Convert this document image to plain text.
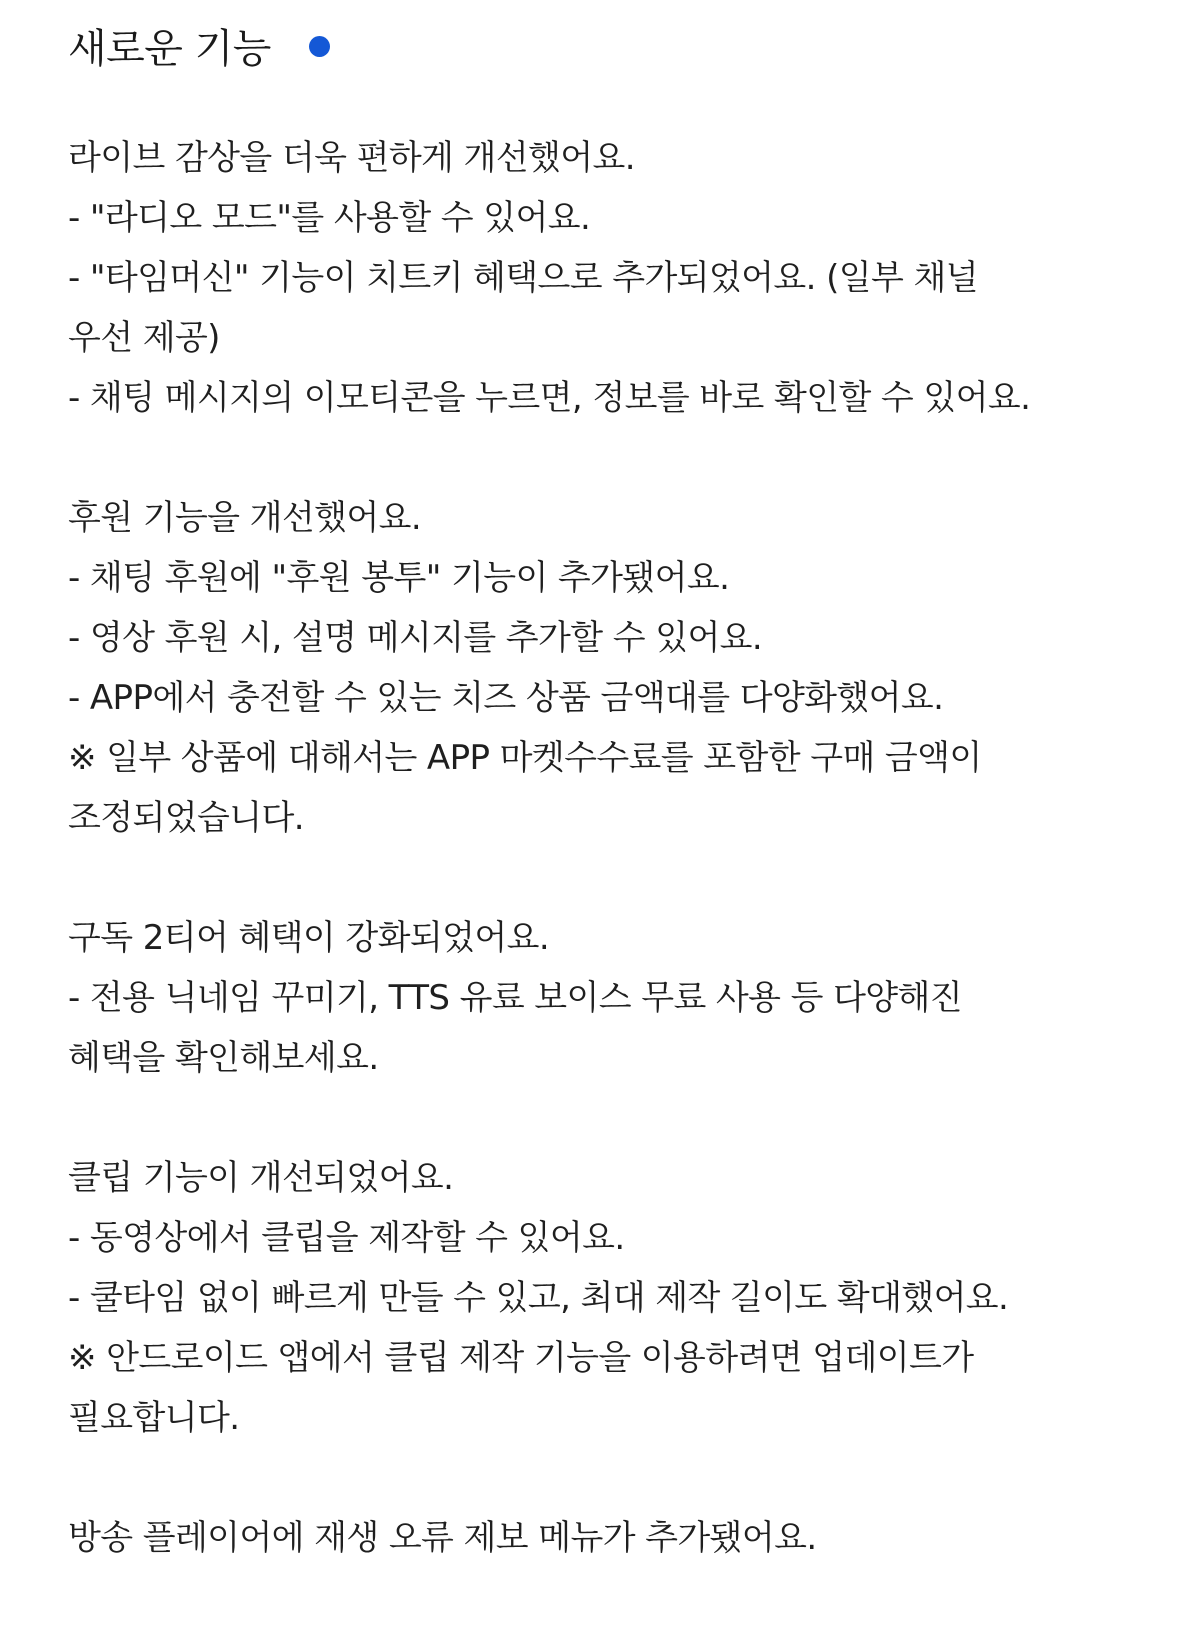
새로운 기능
라이브 감상을 더욱 편하게 개선했어요.
- "라디오 모드"를 사용할 수 있어요.
- "타임머신" 기능이 치트키 혜택으로 추가되었어요. (일부 채널
우선 제공)
- 채팅 메시지의 이모티콘을 누르면, 정보를 바로 확인할 수 있어요.
후원 기능을 개선했어요.
- 채팅 후원에 "후원 봉투" 기능이 추가됐어요.
- 영상 후원 시, 설명 메시지를 추가할 수 있어요.
- APP에서 충전할 수 있는 치즈 상품 금액대를 다양화했어요.
※ 일부 상품에 대해서는 APP 마켓수수료를 포함한 구매 금액이
조정되었습니다.
구독 2티어 혜택이 강화되었어요.
- 전용 닉네임 꾸미기, TTS 유료 보이스 무료 사용 등 다양해진
혜택을 확인해보세요.
클립 기능이 개선되었어요.
- 동영상에서 클립을 제작할 수 있어요.
- 쿨타임 없이 빠르게 만들 수 있고, 최대 제작 길이도 확대했어요.
※ 안드로이드 앱에서 클립 제작 기능을 이용하려면 업데이트가
필요합니다.
방송 플레이어에 재생 오류 제보 메뉴가 추가됐어요.
